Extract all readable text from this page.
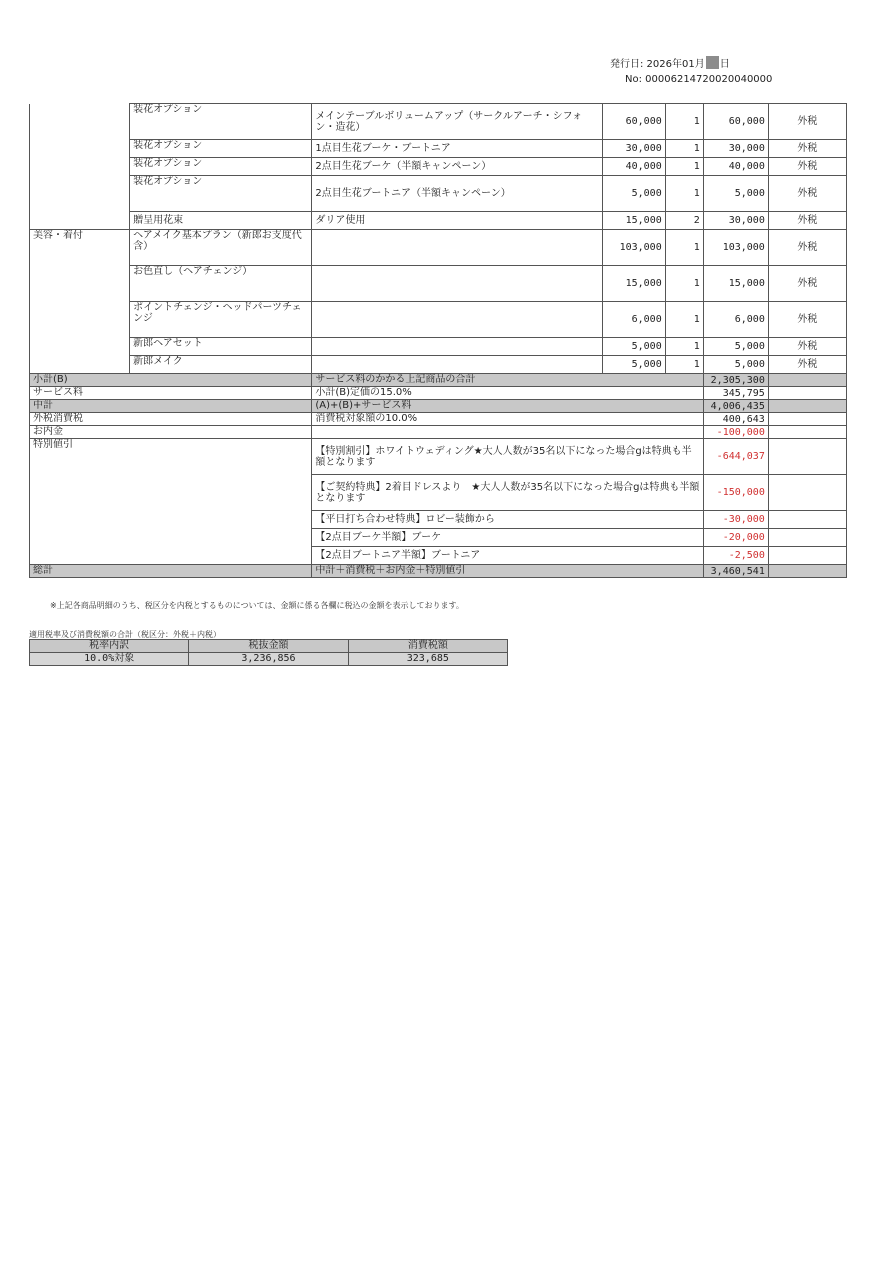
発行日: 2026年01月 日
No: 00006214720020040000
	装花オプション	メインテーブルボリュームアップ（サークルアーチ・シフォン・造花）	60,000	1	60,000	外税
	装花オプション	1点目生花ブーケ・ブートニア	30,000	1	30,000	外税
	装花オプション	2点目生花ブーケ（半額キャンペーン）	40,000	1	40,000	外税
	装花オプション	2点目生花ブートニア（半額キャンペーン）	5,000	1	5,000	外税
	贈呈用花束	ダリア使用	15,000	2	30,000	外税
美容・着付	ヘアメイク基本プラン（新郎お支度代含）		103,000	1	103,000	外税
	お色直し（ヘアチェンジ）		15,000	1	15,000	外税
	ポイントチェンジ・ヘッドパーツチェンジ		6,000	1	6,000	外税
	新郎ヘアセット		5,000	1	5,000	外税
	新郎メイク		5,000	1	5,000	外税
小計(B)		サービス料のかかる上記商品の合計			2,305,300	
サービス料		小計(B)定価の15.0%			345,795	
中計		(A)+(B)+サービス料			4,006,435	
外税消費税		消費税対象額の10.0%			400,643	
お内金					-100,000	
特別値引		【特別割引】ホワイトウェディング★大人人数が35名以下になった場合gは特典も半額となります			-644,037	
		【ご契約特典】2着目ドレスより　★大人人数が35名以下になった場合gは特典も半額となります			-150,000	
		【平日打ち合わせ特典】ロビー装飾から			-30,000	
		【2点目ブーケ半額】ブーケ			-20,000	
		【2点目ブートニア半額】ブートニア			-2,500	
総計		中計＋消費税＋お内金＋特別値引			3,460,541	
※上記各商品明細のうち、税区分を内税とするものについては、金額に係る各欄に税込の金額を表示しております。
適用税率及び消費税額の合計（税区分：外税＋内税）
税率内訳	税抜金額	消費税額
10.0%対象	3,236,856	323,685
